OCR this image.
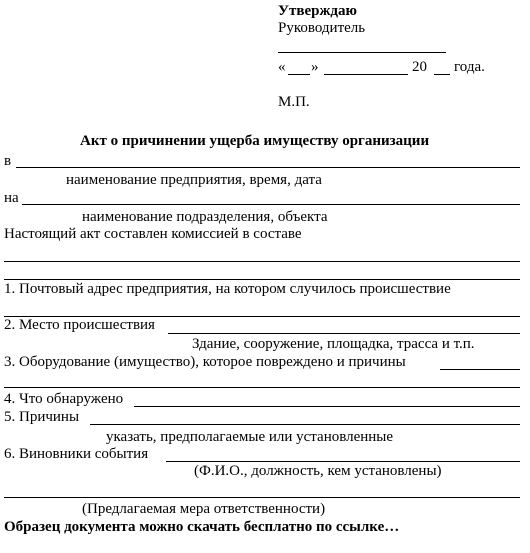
Утверждаю
Руководитель
« »	20 года.
М.П.
Акт о причинении ущерба имуществу организации
в
наименование предприятия, время, дата
на
наименование подразделения, объекта
Настоящий акт составлен комиссией в составе
1. Почтовый адрес предприятия, на котором случилось происшествие
2. Место происшествия
Здание, сооружение, площадка, трасса и т.п.
3. Оборудование (имущество), которое повреждено и причины
4. Что обнаружено
5. Причины
указать, предполагаемые или установленные
6. Виновники события
(Ф.И.О., должность, кем установлены)
(Предлагаемая мера ответственности)
Образец документа можно скачать бесплатно по ссылке…
